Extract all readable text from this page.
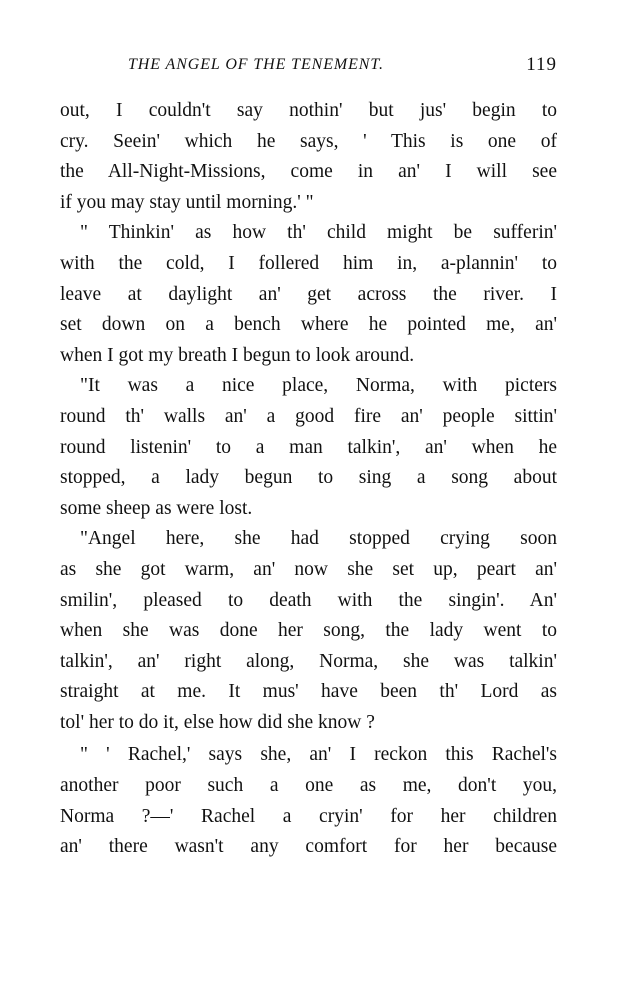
THE ANGEL OF THE TENEMENT.	119
out, I couldn't say nothin' but jus' begin to
cry. Seein' which he says, ' This is one of
the All-Night-Missions, come in an' I will see
if you may stay until morning.' "
" Thinkin' as how th' child might be sufferin'
with the cold, I follered him in, a-plannin' to
leave at daylight an' get across the river. I
set down on a bench where he pointed me, an'
when I got my breath I begun to look around.
"It was a nice place, Norma, with picters
round th' walls an' a good fire an' people sittin'
round listenin' to a man talkin', an' when he
stopped, a lady begun to sing a song about
some sheep as were lost.
"Angel here, she had stopped crying soon
as she got warm, an' now she set up, peart an'
smilin', pleased to death with the singin'. An'
when she was done her song, the lady went to
talkin', an' right along, Norma, she was talkin'
straight at me. It mus' have been th' Lord as
tol' her to do it, else how did she know ?
" ' Rachel,' says she, an' I reckon this Rachel's
another poor such a one as me, don't you,
Norma ?—' Rachel a cryin' for her children
an' there wasn't any comfort for her because
